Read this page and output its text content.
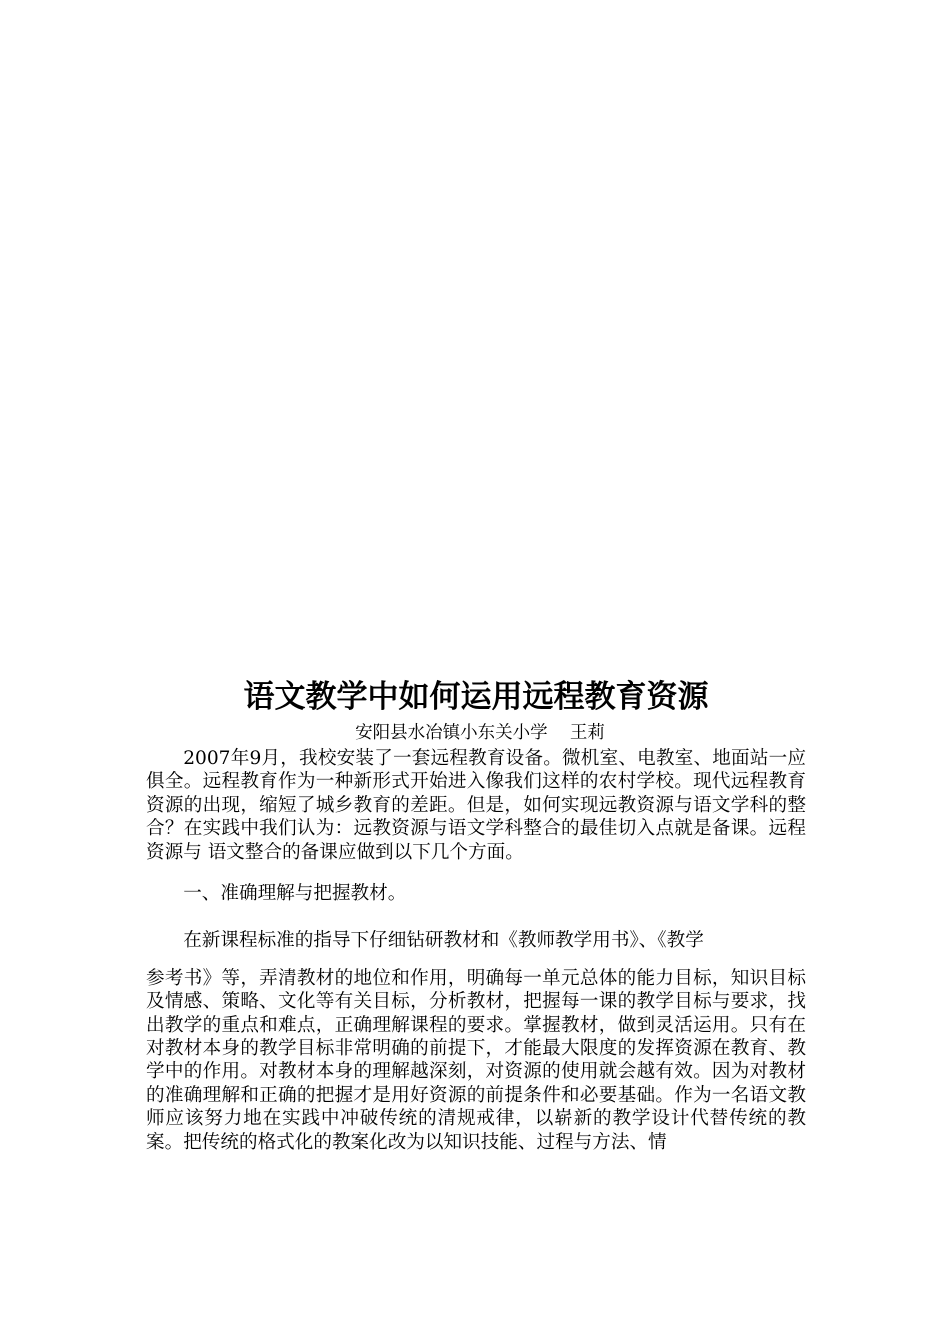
语文教学中如何运用远程教育资源

安阳县水冶镇小东关小学    王莉

2007年9月，我校安装了一套远程教育设备。微机室、电教室、地面站一应俱全。远程教育作为一种新形式开始进入像我们这样的农村学校。现代远程教育资源的出现，缩短了城乡教育的差距。但是，如何实现远教资源与语文学科的整合？在实践中我们认为：远教资源与语文学科整合的最佳切入点就是备课。远程资源与 语文整合的备课应做到以下几个方面。

一、准确理解与把握教材。

在新课程标准的指导下仔细钻研教材和《教师教学用书》、《教学
参考书》等，弄清教材的地位和作用，明确每一单元总体的能力目标，知识目标及情感、策略、文化等有关目标，分析教材，把握每一课的教学目标与要求，找出教学的重点和难点，正确理解课程的要求。掌握教材，做到灵活运用。只有在对教材本身的教学目标非常明确的前提下，才能最大限度的发挥资源在教育、教学中的作用。对教材本身的理解越深刻，对资源的使用就会越有效。因为对教材的准确理解和正确的把握才是用好资源的前提条件和必要基础。作为一名语文教师应该努力地在实践中冲破传统的清规戒律，以崭新的教学设计代替传统的教案。把传统的格式化的教案化改为以知识技能、过程与方法、情
